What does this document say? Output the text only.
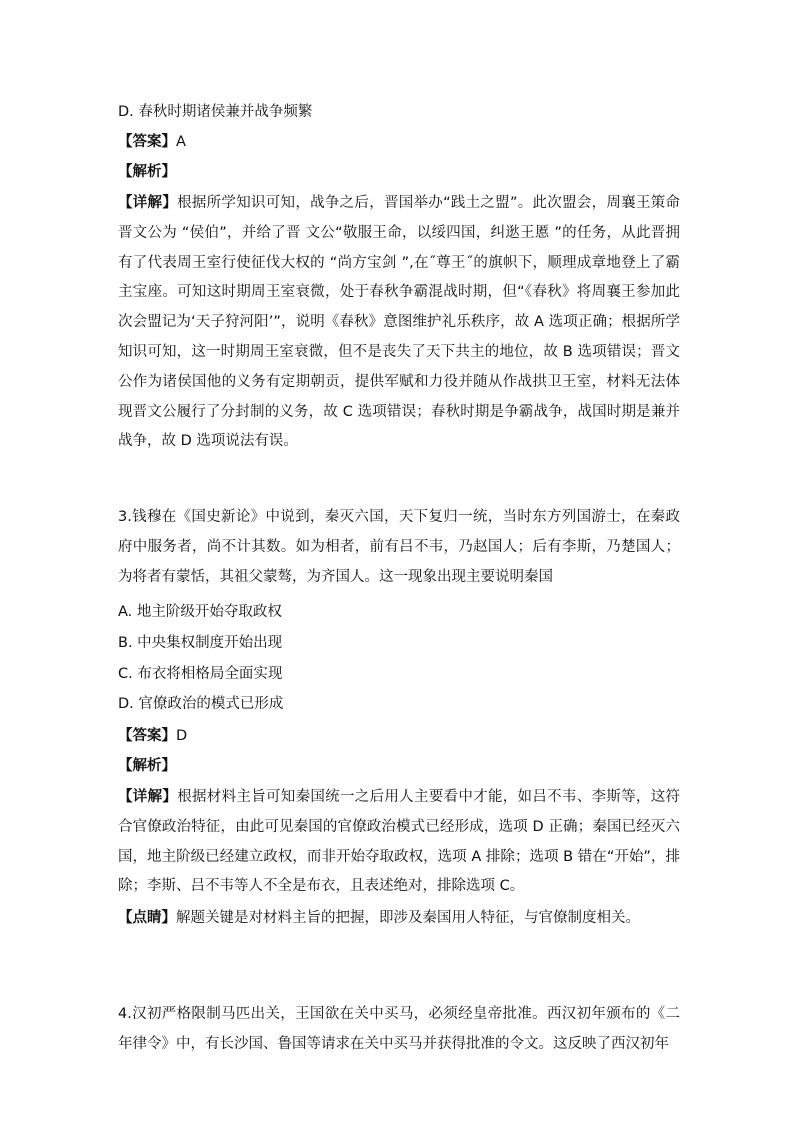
D. 春秋时期诸侯兼并战争频繁
【答案】A
【解析】

【详解】根据所学知识可知，战争之后，晋国举办“践土之盟”。此次盟会，周襄王策命晋文公为 “侯伯”，并给了晋 文公“敬服王命，以绥四国，纠逖王慝 ”的任务，从此晋拥有了代表周王室行使征伐大权的 “尚方宝剑 ”,在˝尊王˝的旗帜下，顺理成章地登上了霸主宝座。可知这时期周王室衰微，处于春秋争霸混战时期，但“《春秋》将周襄王参加此次会盟记为‘天子狩河阳’”，说明《春秋》意图维护礼乐秩序，故 A 选项正确；根据所学知识可知，这一时期周王室衰微，但不是丧失了天下共主的地位，故 B 选项错误；晋文公作为诸侯国他的义务有定期朝贡，提供军赋和力役并随从作战拱卫王室，材料无法体现晋文公履行了分封制的义务，故 C 选项错误；春秋时期是争霸战争，战国时期是兼并战争，故 D 选项说法有误。

3.钱穆在《国史新论》中说到，秦灭六国，天下复归一统，当时东方列国游士，在秦政府中服务者，尚不计其数。如为相者，前有吕不韦，乃赵国人；后有李斯，乃楚国人；为将者有蒙恬，其祖父蒙骜，为齐国人。这一现象出现主要说明秦国
A. 地主阶级开始夺取政权
B. 中央集权制度开始出现
C. 布衣将相格局全面实现
D. 官僚政治的模式已形成
【答案】D
【解析】

【详解】根据材料主旨可知秦国统一之后用人主要看中才能，如吕不韦、李斯等，这符合官僚政治特征，由此可见秦国的官僚政治模式已经形成，选项 D 正确；秦国已经灭六国，地主阶级已经建立政权，而非开始夺取政权，选项 A 排除；选项 B 错在“开始”，排除；李斯、吕不韦等人不全是布衣，且表述绝对，排除选项 C。

【点睛】解题关键是对材料主旨的把握，即涉及秦国用人特征，与官僚制度相关。

4.汉初严格限制马匹出关，王国欲在关中买马，必须经皇帝批准。西汉初年颁布的《二年律令》中，有长沙国、鲁国等请求在关中买马并获得批准的令文。这反映了西汉初年
